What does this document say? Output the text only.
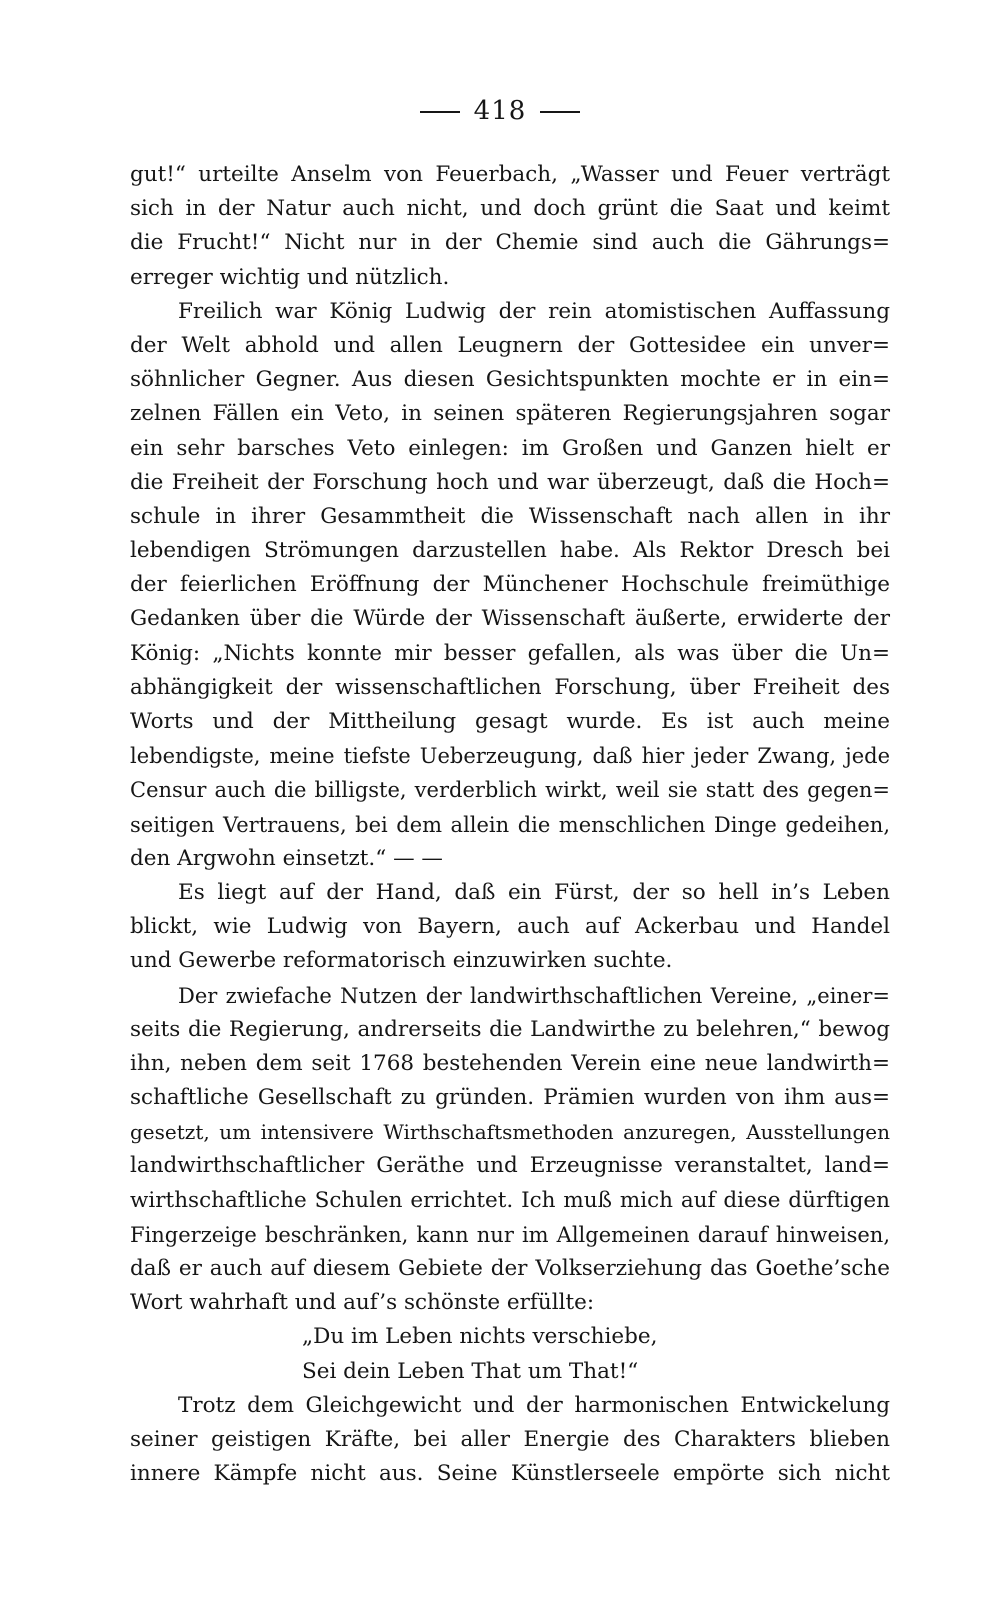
418
gut!“ urteilte Anselm von Feuerbach, „Wasser und Feuer verträgt
sich in der Natur auch nicht, und doch grünt die Saat und keimt
die Frucht!“ Nicht nur in der Chemie sind auch die Gährungs=
erreger wichtig und nützlich.
Freilich war König Ludwig der rein atomistischen Auffassung
der Welt abhold und allen Leugnern der Gottesidee ein unver=
söhnlicher Gegner. Aus diesen Gesichtspunkten mochte er in ein=
zelnen Fällen ein Veto, in seinen späteren Regierungsjahren sogar
ein sehr barsches Veto einlegen: im Großen und Ganzen hielt er
die Freiheit der Forschung hoch und war überzeugt, daß die Hoch=
schule in ihrer Gesammtheit die Wissenschaft nach allen in ihr
lebendigen Strömungen darzustellen habe. Als Rektor Dresch bei
der feierlichen Eröffnung der Münchener Hochschule freimüthige
Gedanken über die Würde der Wissenschaft äußerte, erwiderte der
König: „Nichts konnte mir besser gefallen, als was über die Un=
abhängigkeit der wissenschaftlichen Forschung, über Freiheit des
Worts und der Mittheilung gesagt wurde. Es ist auch meine
lebendigste, meine tiefste Ueberzeugung, daß hier jeder Zwang, jede
Censur auch die billigste, verderblich wirkt, weil sie statt des gegen=
seitigen Vertrauens, bei dem allein die menschlichen Dinge gedeihen,
den Argwohn einsetzt.“ — —
Es liegt auf der Hand, daß ein Fürst, der so hell in’s Leben
blickt, wie Ludwig von Bayern, auch auf Ackerbau und Handel
und Gewerbe reformatorisch einzuwirken suchte.
Der zwiefache Nutzen der landwirthschaftlichen Vereine, „einer=
seits die Regierung, andrerseits die Landwirthe zu belehren,“ bewog
ihn, neben dem seit 1768 bestehenden Verein eine neue landwirth=
schaftliche Gesellschaft zu gründen. Prämien wurden von ihm aus=
gesetzt, um intensivere Wirthschaftsmethoden anzuregen, Ausstellungen
landwirthschaftlicher Geräthe und Erzeugnisse veranstaltet, land=
wirthschaftliche Schulen errichtet. Ich muß mich auf diese dürftigen
Fingerzeige beschränken, kann nur im Allgemeinen darauf hinweisen,
daß er auch auf diesem Gebiete der Volkserziehung das Goethe’sche
Wort wahrhaft und auf’s schönste erfüllte:
„Du im Leben nichts verschiebe,
Sei dein Leben That um That!“
Trotz dem Gleichgewicht und der harmonischen Entwickelung
seiner geistigen Kräfte, bei aller Energie des Charakters blieben
innere Kämpfe nicht aus. Seine Künstlerseele empörte sich nicht
